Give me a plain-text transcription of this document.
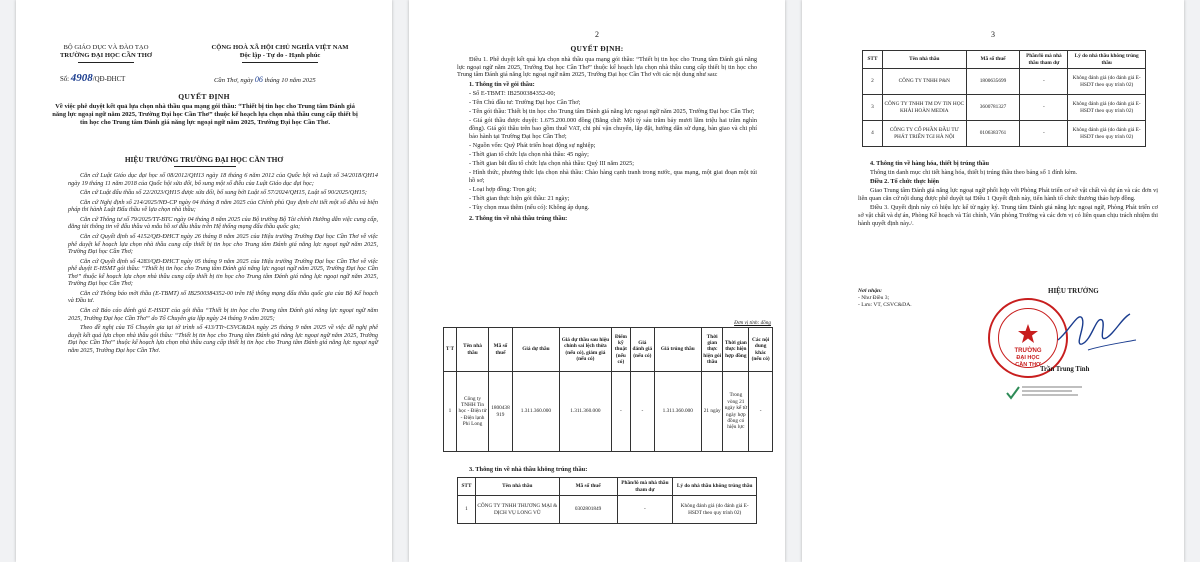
BỘ GIÁO DỤC VÀ ĐÀO TẠO
TRƯỜNG ĐẠI HỌC CẦN THƠ
CỘNG HOÀ XÃ HỘI CHỦ NGHĨA VIỆT NAM
Độc lập - Tự do - Hạnh phúc
Số: 4908/QĐ-ĐHCT	Cần Thơ, ngày 06 tháng 10 năm 2025
QUYẾT ĐỊNH
Về việc phê duyệt kết quả lựa chọn nhà thầu qua mạng gói thầu: “Thiết bị tin học cho Trung tâm Đánh giá năng lực ngoại ngữ năm 2025, Trường Đại học Cần Thơ” thuộc kế hoạch lựa chọn nhà thầu cung cấp thiết bị tin học cho Trung tâm Đánh giá năng lực ngoại ngữ năm 2025, Trường Đại học Cần Thơ.
HIỆU TRƯỞNG TRƯỜNG ĐẠI HỌC CẦN THƠ

Căn cứ Luật Giáo dục đại học số 08/2012/QH13 ngày 18 tháng 6 năm 2012 của Quốc hội và Luật số 34/2018/QH14 ngày 19 tháng 11 năm 2018 của Quốc hội sửa đổi, bổ sung một số điều của Luật Giáo dục đại học;

Căn cứ Luật đấu thầu số 22/2023/QH15 được sửa đổi, bổ sung bởi Luật số 57/2024/QH15, Luật số 90/2025/QH15;

Căn cứ Nghị định số 214/2025/NĐ-CP ngày 04 tháng 8 năm 2025 của Chính phủ Quy định chi tiết một số điều và biện pháp thi hành Luật Đấu thầu về lựa chọn nhà thầu;

Căn cứ Thông tư số 79/2025/TT-BTC ngày 04 tháng 8 năm 2025 của Bộ trưởng Bộ Tài chính Hướng dẫn việc cung cấp, đăng tải thông tin về đấu thầu và mẫu hồ sơ đấu thầu trên Hệ thống mạng đấu thầu quốc gia;

Căn cứ Quyết định số 4152/QĐ-ĐHCT ngày 26 tháng 8 năm 2025 của Hiệu trưởng Trường Đại học Cần Thơ về việc phê duyệt kế hoạch lựa chọn nhà thầu cung cấp thiết bị tin học cho Trung tâm Đánh giá năng lực ngoại ngữ năm 2025, Trường Đại học Cần Thơ;

Căn cứ Quyết định số 4283/QĐ-ĐHCT ngày 05 tháng 9 năm 2025 của Hiệu trưởng Trường Đại học Cần Thơ về việc phê duyệt E-HSMT gói thầu: “Thiết bị tin học cho Trung tâm Đánh giá năng lực ngoại ngữ năm 2025, Trường Đại học Cần Thơ” thuộc kế hoạch lựa chọn nhà thầu cung cấp thiết bị tin học cho Trung tâm Đánh giá năng lực ngoại ngữ năm 2025, Trường Đại học Cần Thơ;

Căn cứ Thông báo mời thầu (E-TBMT) số IB2500384352-00 trên Hệ thống mạng đấu thầu quốc gia của Bộ Kế hoạch và Đầu tư.

Căn cứ Báo cáo đánh giá E-HSDT của gói thầu “Thiết bị tin học cho Trung tâm Đánh giá năng lực ngoại ngữ năm 2025, Trường Đại học Cần Thơ” do Tổ Chuyên gia lập ngày 24 tháng 9 năm 2025;

Theo đề nghị của Tổ Chuyên gia tại tờ trình số 413/TTr-CSVC&DA ngày 25 tháng 9 năm 2025 về việc đề nghị phê duyệt kết quả lựa chọn nhà thầu gói thầu: “Thiết bị tin học cho Trung tâm Đánh giá năng lực ngoại ngữ năm 2025, Trường Đại học Cần Thơ” thuộc kế hoạch lựa chọn nhà thầu cung cấp thiết bị tin học cho Trung tâm Đánh giá năng lực ngoại ngữ năm 2025, Trường Đại học Cần Thơ.

2
QUYẾT ĐỊNH:

Điều 1. Phê duyệt kết quả lựa chọn nhà thầu qua mạng gói thầu: “Thiết bị tin học cho Trung tâm Đánh giá năng lực ngoại ngữ năm 2025, Trường Đại học Cần Thơ” thuộc kế hoạch lựa chọn nhà thầu cung cấp thiết bị tin học cho Trung tâm Đánh giá năng lực ngoại ngữ năm 2025, Trường Đại học Cần Thơ với các nội dung như sau:

1. Thông tin về gói thầu:

- Số E-TBMT: IB2500384352-00;

- Tên Chủ đầu tư: Trường Đại học Cần Thơ;

- Tên gói thầu: Thiết bị tin học cho Trung tâm Đánh giá năng lực ngoại ngữ năm 2025, Trường Đại học Cần Thơ;

- Giá gói thầu được duyệt: 1.675.200.000 đồng (Bằng chữ: Một tỷ sáu trăm bảy mươi lăm triệu hai trăm nghìn đồng). Giá gói thầu trên bao gồm thuế VAT, chi phí vận chuyển, lắp đặt, hướng dẫn sử dụng, bàn giao và chi phí bảo hành tại Trường Đại học Cần Thơ;

- Nguồn vốn: Quỹ Phát triển hoạt động sự nghiệp;

- Thời gian tổ chức lựa chọn nhà thầu: 45 ngày;

- Thời gian bắt đầu tổ chức lựa chọn nhà thầu: Quý III năm 2025;

- Hình thức, phương thức lựa chọn nhà thầu: Chào hàng cạnh tranh trong nước, qua mạng, một giai đoạn một túi hồ sơ;

- Loại hợp đồng: Trọn gói;

- Thời gian thực hiện gói thầu: 21 ngày;

- Tùy chọn mua thêm (nếu có): Không áp dụng.

2. Thông tin về nhà thầu trúng thầu:

Đơn vị tính: đồng
T T	Tên nhà thầu	Mã số thuế	Giá dự thầu	Giá dự thầu sau hiệu chỉnh sai lệch thừa (nếu có), giảm giá (nếu có)	Điểm kỹ thuật (nếu có)	Giá đánh giá (nếu có)	Giá trúng thầu	Thời gian thực hiện gói thầu	Thời gian thực hiện hợp đồng	Các nội dung khác (nếu có)
1	Công ty TNHH Tin học - Điện tử - Điện lạnh Phi Long	1800438919	1.311.360.000	1.311.360.000	-	-	1.311.360.000	21 ngày	Trong vòng 21 ngày kể từ ngày hợp đồng có hiệu lực	-
3. Thông tin về nhà thầu không trúng thầu:
STT	Tên nhà thầu	Mã số thuế	Phần/lô mà nhà thầu tham dự	Lý do nhà thầu không trúng thầu
1	CÔNG TY TNHH THƯƠNG MẠI & DỊCH VỤ LONG VŨ	0302801849	-	Không đánh giá (do đánh giá E-HSDT theo quy trình 02)
3
STT	Tên nhà thầu	Mã số thuế	Phần/lô mà nhà thầu tham dự	Lý do nhà thầu không trúng thầu
2	CÔNG TY TNHH P&N	1800635699	-	Không đánh giá (do đánh giá E-HSDT theo quy trình 02)
3	CÔNG TY TNHH TM DV TIN HỌC KHẢI HOÀN MEDIA	3600781327	-	Không đánh giá (do đánh giá E-HSDT theo quy trình 02)
4	CÔNG TY CỔ PHẦN ĐẦU TƯ PHÁT TRIỂN TGI HÀ NỘI	0106383761	-	Không đánh giá (do đánh giá E-HSDT theo quy trình 02)

4. Thông tin về hàng hóa, thiết bị trúng thầu

Thông tin danh mục chi tiết hàng hóa, thiết bị trúng thầu theo bảng số 1 đính kèm.

Điều 2. Tổ chức thực hiện

Giao Trung tâm Đánh giá năng lực ngoại ngữ phối hợp với Phòng Phát triển cơ sở vật chất và dự án và các đơn vị liên quan căn cứ nội dung được phê duyệt tại Điều 1 Quyết định này, tiến hành tổ chức thương thảo hợp đồng.

Điều 3. Quyết định này có hiệu lực kể từ ngày ký. Trung tâm Đánh giá năng lực ngoại ngữ, Phòng Phát triển cơ sở vật chất và dự án, Phòng Kế hoạch và Tài chính, Văn phòng Trường và các đơn vị có liên quan chịu trách nhiệm thi hành quyết định này./.

Nơi nhận:

- Như Điều 3;

- Lưu: VT, CSVC&DA.

HIỆU TRƯỞNG
TRƯỜNG
ĐẠI HỌC
CẦN THƠ
Trần Trung Tính
